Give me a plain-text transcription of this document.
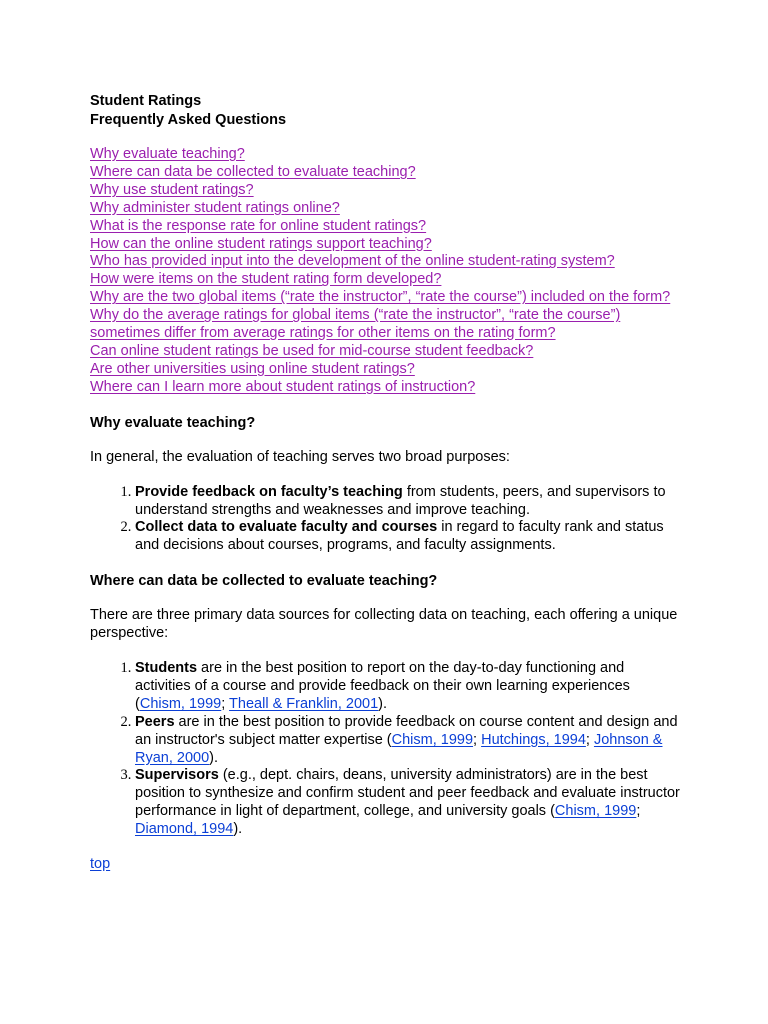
Student Ratings
Frequently Asked Questions
Why evaluate teaching?
Where can data be collected to evaluate teaching?
Why use student ratings?
Why administer student ratings online?
What is the response rate for online student ratings?
How can the online student ratings support teaching?
Who has provided input into the development of the online student-rating system?
How were items on the student rating form developed?
Why are the two global items (“rate the instructor”, “rate the course”) included on the form?
Why do the average ratings for global items (“rate the instructor”, “rate the course”) sometimes differ from average ratings for other items on the rating form?
Can online student ratings be used for mid-course student feedback?
Are other universities using online student ratings?
Where can I learn more about student ratings of instruction?
Why evaluate teaching?

In general, the evaluation of teaching serves two broad purposes:

1. Provide feedback on faculty’s teaching from students, peers, and supervisors to understand strengths and weaknesses and improve teaching.
2. Collect data to evaluate faculty and courses in regard to faculty rank and status and decisions about courses, programs, and faculty assignments.
Where can data be collected to evaluate teaching?

There are three primary data sources for collecting data on teaching, each offering a unique perspective:

1. Students are in the best position to report on the day-to-day functioning and activities of a course and provide feedback on their own learning experiences (Chism, 1999; Theall & Franklin, 2001).
2. Peers are in the best position to provide feedback on course content and design and an instructor's subject matter expertise (Chism, 1999; Hutchings, 1994; Johnson & Ryan, 2000).
3. Supervisors (e.g., dept. chairs, deans, university administrators) are in the best position to synthesize and confirm student and peer feedback and evaluate instructor performance in light of department, college, and university goals (Chism, 1999; Diamond, 1994).
top
